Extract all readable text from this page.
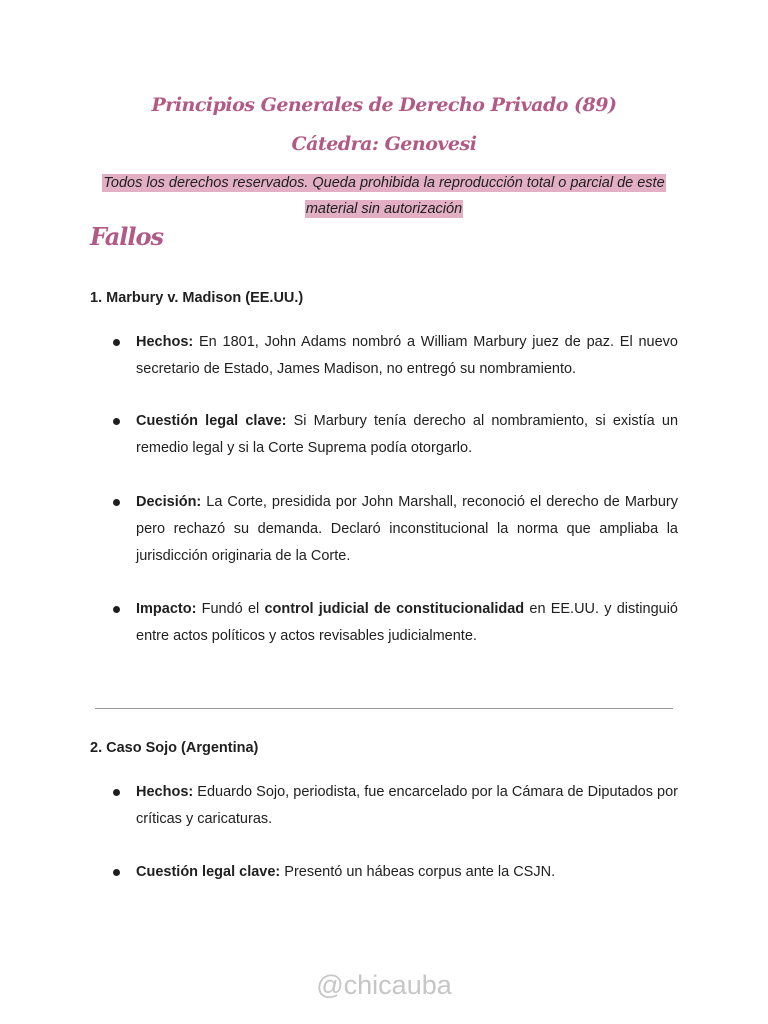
Principios Generales de Derecho Privado (89)
Cátedra: Genovesi
Todos los derechos reservados. Queda prohibida la reproducción total o parcial de este
material sin autorización
Fallos
1. Marbury v. Madison (EE.UU.)
Hechos: En 1801, John Adams nombró a William Marbury juez de paz. El nuevo secretario de Estado, James Madison, no entregó su nombramiento.
Cuestión legal clave: Si Marbury tenía derecho al nombramiento, si existía un remedio legal y si la Corte Suprema podía otorgarlo.
Decisión: La Corte, presidida por John Marshall, reconoció el derecho de Marbury pero rechazó su demanda. Declaró inconstitucional la norma que ampliaba la jurisdicción originaria de la Corte.
Impacto: Fundó el control judicial de constitucionalidad en EE.UU. y distinguió entre actos políticos y actos revisables judicialmente.
2. Caso Sojo (Argentina)
Hechos: Eduardo Sojo, periodista, fue encarcelado por la Cámara de Diputados por críticas y caricaturas.
Cuestión legal clave: Presentó un hábeas corpus ante la CSJN.
@chicauba
